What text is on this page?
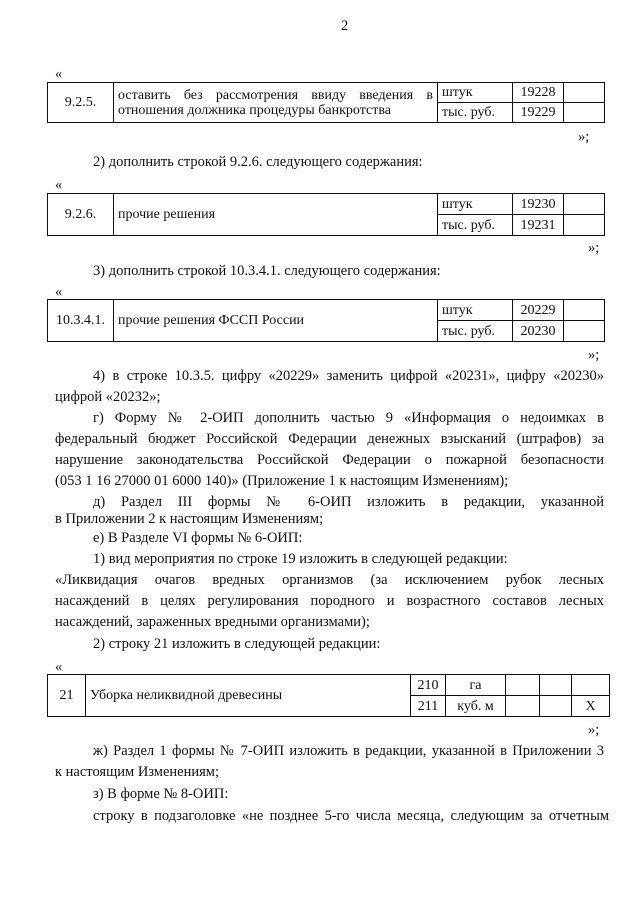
2
«
9.2.5.	оставить без рассмотрения ввиду введения в
отношения должника процедуры банкротства	штук	19228	
		тыс. руб.	19229	
»;
2) дополнить строкой 9.2.6. следующего содержания:
«
9.2.6.	прочие решения	штук	19230	
		тыс. руб.	19231	
»;
3) дополнить строкой 10.3.4.1. следующего содержания:
«
10.3.4.1.	прочие решения ФССП России	штук	20229	
		тыс. руб.	20230	
»;
4) в строке 10.3.5. цифру «20229» заменить цифрой «20231», цифру «20230»
цифрой «20232»;
г) Форму № 2-ОИП дополнить частью 9 «Информация о недоимках в
федеральный бюджет Российской Федерации денежных взысканий (штрафов) за
нарушение законодательства Российской Федерации о пожарной безопасности
(053 1 16 27000 01 6000 140)» (Приложение 1 к настоящим Изменениям);
д) Раздел III формы № 6-ОИП изложить в редакции, указанной
в Приложении 2 к настоящим Изменениям;
е) В Разделе VI формы № 6-ОИП:
1) вид мероприятия по строке 19 изложить в следующей редакции:
«Ликвидация очагов вредных организмов (за исключением рубок лесных
насаждений в целях регулирования породного и возрастного составов лесных
насаждений, зараженных вредными организмами);
2) строку 21 изложить в следующей редакции:
«
21	Уборка неликвидной древесины	210	га			
		211	куб. м			Х
»;
ж) Раздел 1 формы № 7-ОИП изложить в редакции, указанной в Приложении 3
к настоящим Изменениям;
з) В форме № 8-ОИП:
строку в подзаголовке «не позднее 5-го числа месяца, следующим за отчетным
